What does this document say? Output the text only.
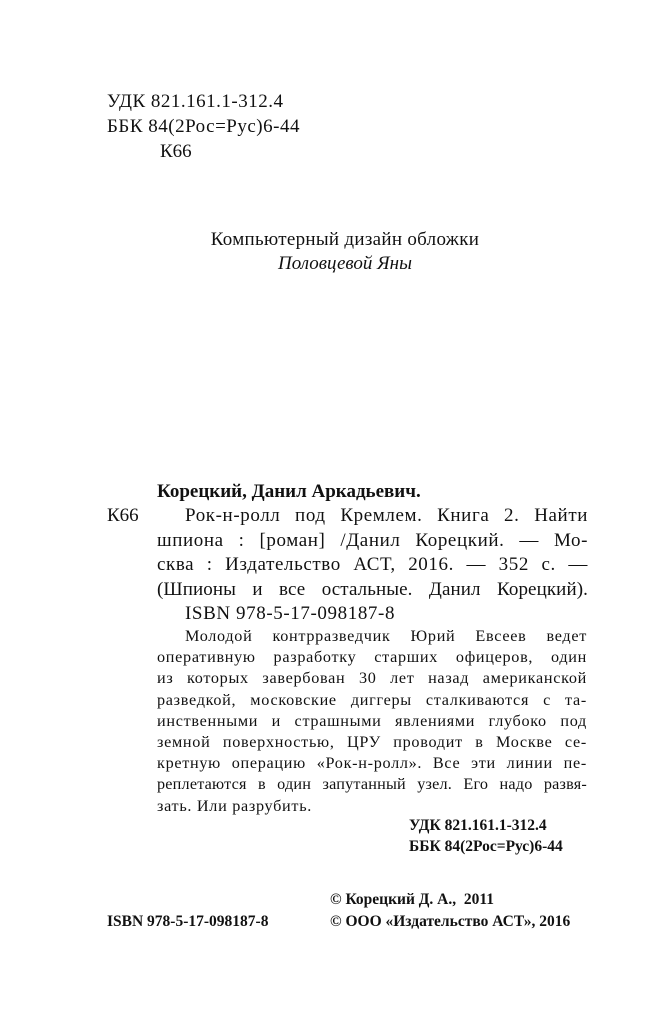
УДК 821.161.1-312.4
ББК 84(2Рос=Рус)6-44
К66
Компьютерный дизайн обложки
Половцевой Яны
Корецкий, Данил Аркадьевич.
К66	Рок-н-ролл под Кремлем. Книга 2. Найти
шпиона : [роман] /Данил Корецкий. — Мо-
сква : Издательство АСТ, 2016. — 352 с. —
(Шпионы и все остальные. Данил Корецкий).
ISBN 978-5-17-098187-8
Молодой контрразведчик Юрий Евсеев ведет
оперативную разработку старших офицеров, один
из которых завербован 30 лет назад американской
разведкой, московские диггеры сталкиваются с та-
инственными и страшными явлениями глубоко под
земной поверхностью, ЦРУ проводит в Москве се-
кретную операцию «Рок-н-ролл». Все эти линии пе-
реплетаются в один запутанный узел. Его надо развя-
зать. Или разрубить.
УДК 821.161.1-312.4
ББК 84(2Рос=Рус)6-44
© Корецкий Д. А.,  2011
ISBN 978-5-17-098187-8	© ООО «Издательство АСТ», 2016
